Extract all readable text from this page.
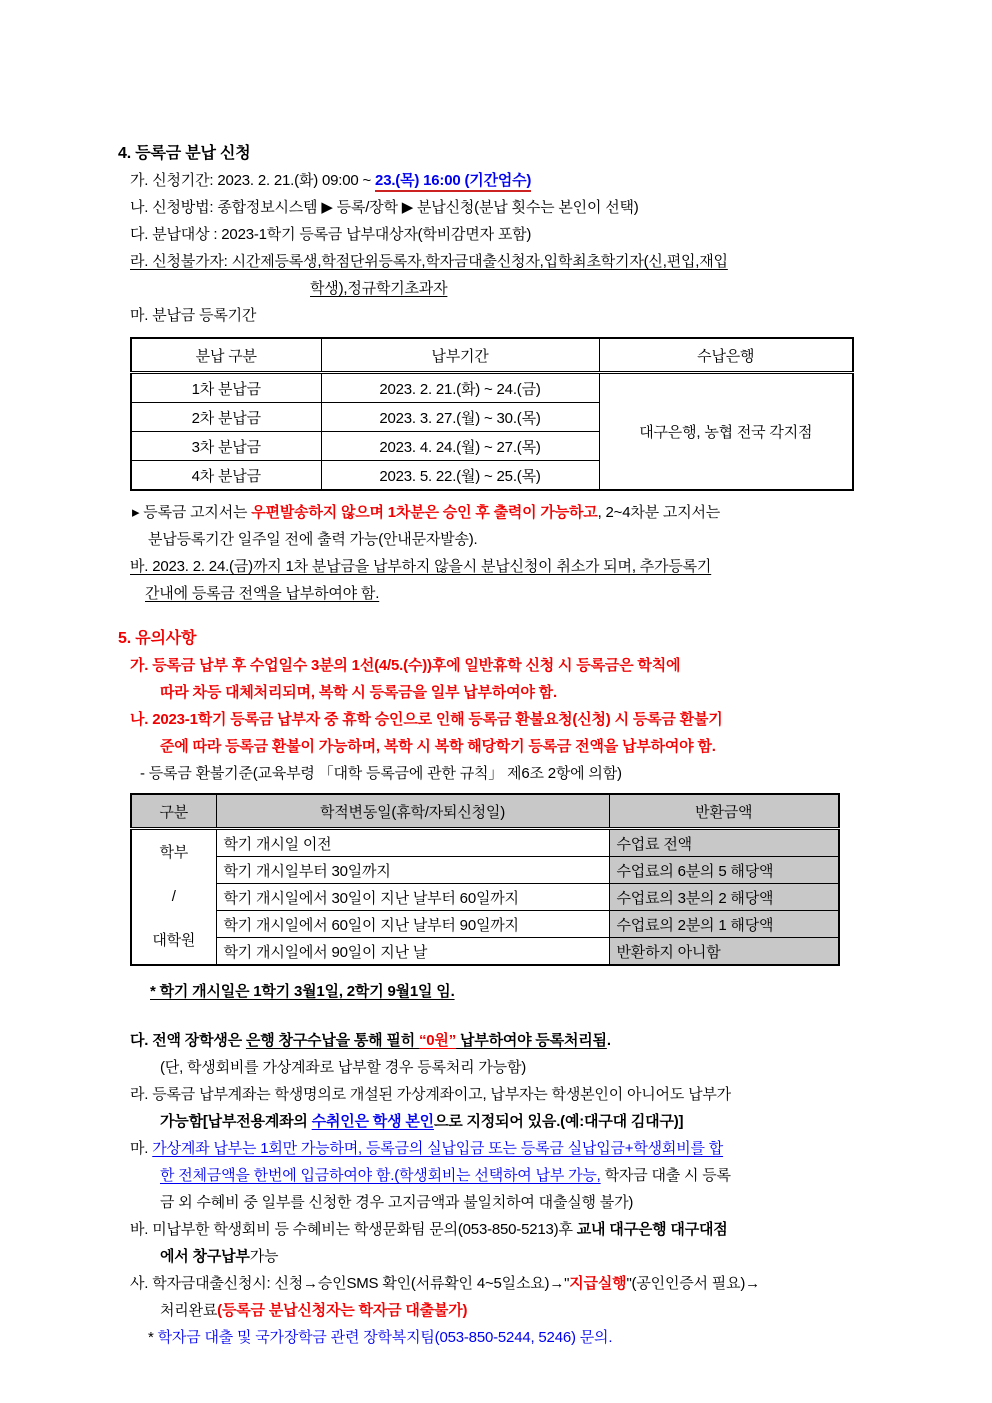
4. 등록금 분납 신청
가. 신청기간: 2023. 2. 21.(화) 09:00 ~ 23.(목) 16:00 (기간엄수)
나. 신청방법: 종합정보시스템 ▶ 등록/장학 ▶ 분납신청(분납 횟수는 본인이 선택)
다. 분납대상 : 2023-1학기 등록금 납부대상자(학비감면자 포함)
라. 신청불가자: 시간제등록생,학점단위등록자,학자금대출신청자,입학최초학기자(신,편입,재입
학생),정규학기초과자
마. 분납금 등록기간
분납 구분	납부기간	수납은행
1차 분납금	2023. 2. 21.(화) ~ 24.(금)	대구은행, 농협 전국 각지점
2차 분납금	2023. 3. 27.(월) ~ 30.(목)	
3차 분납금	2023. 4. 24.(월) ~ 27.(목)	
4차 분납금	2023. 5. 22.(월) ~ 25.(목)	
▸ 등록금 고지서는 우편발송하지 않으며 1차분은 승인 후 출력이 가능하고, 2~4차분 고지서는
분납등록기간 일주일 전에 출력 가능(안내문자발송).
바. 2023. 2. 24.(금)까지 1차 분납금을 납부하지 않을시 분납신청이 취소가 되며, 추가등록기
간내에 등록금 전액을 납부하여야 함.
5. 유의사항
가. 등록금 납부 후 수업일수 3분의 1선(4/5.(수))후에 일반휴학 신청 시 등록금은 학칙에
따라 차등 대체처리되며, 복학 시 등록금을 일부 납부하여야 함.
나. 2023-1학기 등록금 납부자 중 휴학 승인으로 인해 등록금 환불요청(신청) 시 등록금 환불기
준에 따라 등록금 환불이 가능하며, 복학 시 복학 해당학기 등록금 전액을 납부하여야 함.
- 등록금 환불기준(교육부령 「대학 등록금에 관한 규칙」 제6조 2항에 의함)
구분	학적변동일(휴학/자퇴신청일)	반환금액

학부
/
대학원	학기 개시일 이전	수업료 전액
	학기 개시일부터 30일까지	수업료의 6분의 5 해당액
	학기 개시일에서 30일이 지난 날부터 60일까지	수업료의 3분의 2 해당액
	학기 개시일에서 60일이 지난 날부터 90일까지	수업료의 2분의 1 해당액
	학기 개시일에서 90일이 지난 날	반환하지 아니함
* 학기 개시일은 1학기 3월1일, 2학기 9월1일 임.
다. 전액 장학생은 은행 창구수납을 통해 필히 “0원” 납부하여야 등록처리됨.
(단, 학생회비를 가상계좌로 납부할 경우 등록처리 가능함)
라. 등록금 납부계좌는 학생명의로 개설된 가상계좌이고, 납부자는 학생본인이 아니어도 납부가
가능함[납부전용계좌의 수취인은 학생 본인으로 지정되어 있음.(예:대구대 김대구)]
마. 가상계좌 납부는 1회만 가능하며, 등록금의 실납입금 또는 등록금 실납입금+학생회비를 합
한 전체금액을 한번에 입금하여야 함.(학생회비는 선택하여 납부 가능, 학자금 대출 시 등록
금 외 수혜비 중 일부를 신청한 경우 고지금액과 불일치하여 대출실행 불가)
바. 미납부한 학생회비 등 수혜비는 학생문화팀 문의(053-850-5213)후 교내 대구은행 대구대점
에서 창구납부가능
사. 학자금대출신청시: 신청→승인SMS 확인(서류확인 4~5일소요)→"지급실행"(공인인증서 필요)→
처리완료(등록금 분납신청자는 학자금 대출불가)
* 학자금 대출 및 국가장학금 관련 장학복지팀(053-850-5244, 5246) 문의.
